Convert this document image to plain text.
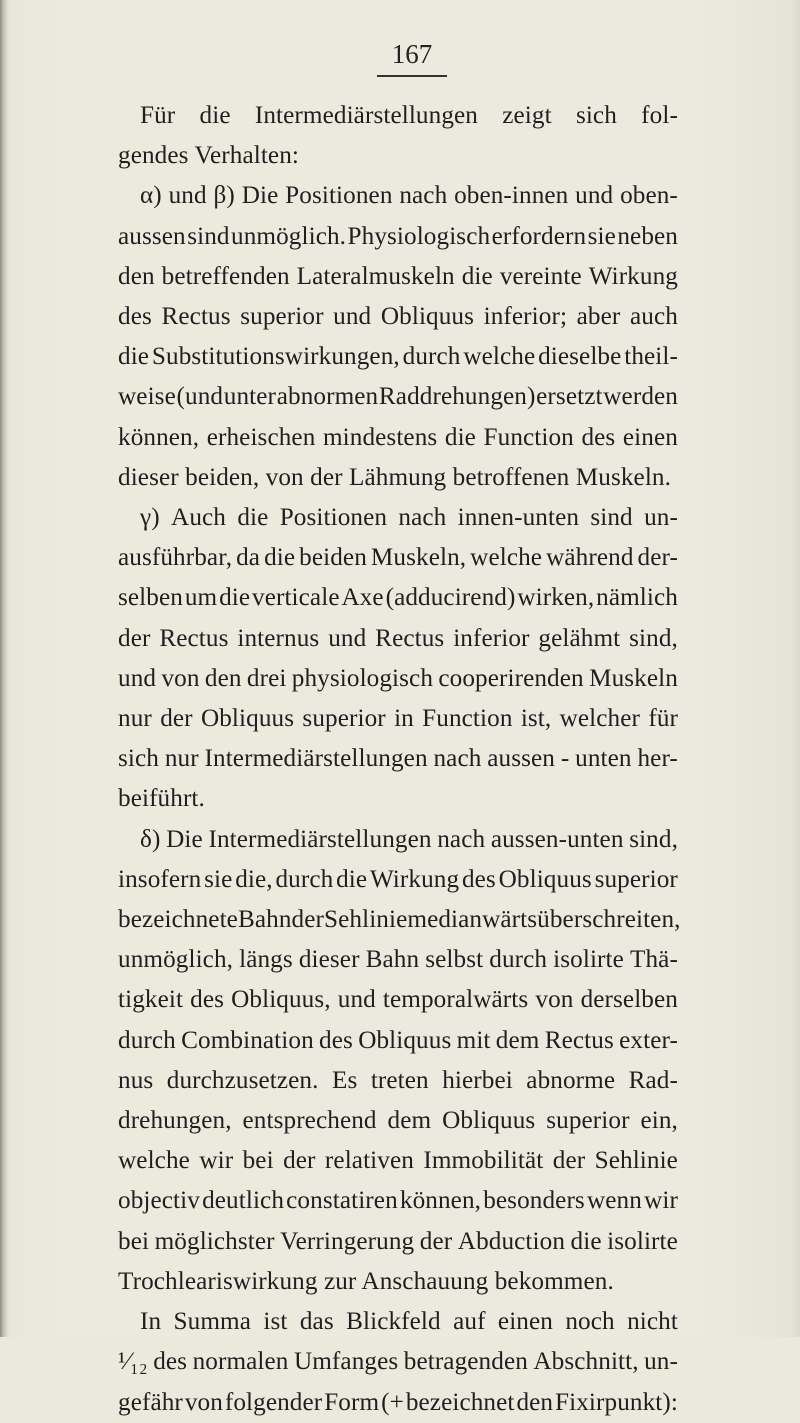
167
Für die Intermediärstellungen zeigt sich fol-
gendes Verhalten:
α) und β) Die Positionen nach oben-innen und oben-
aussen sind unmöglich. Physiologisch erfordern sie neben
den betreffenden Lateralmuskeln die vereinte Wirkung
des Rectus superior und Obliquus inferior; aber auch
die Substitutionswirkungen, durch welche dieselbe theil-
weise (und unter abnormen Raddrehungen) ersetzt werden
können, erheischen mindestens die Function des einen
dieser beiden, von der Lähmung betroffenen Muskeln.
γ) Auch die Positionen nach innen-unten sind un-
ausführbar, da die beiden Muskeln, welche während der-
selben um die verticale Axe (adducirend) wirken, nämlich
der Rectus internus und Rectus inferior gelähmt sind,
und von den drei physiologisch cooperirenden Muskeln
nur der Obliquus superior in Function ist, welcher für
sich nur Intermediärstellungen nach aussen - unten her-
beiführt.
δ) Die Intermediärstellungen nach aussen-unten sind,
insofern sie die, durch die Wirkung des Obliquus superior
bezeichnete Bahn der Sehlinie medianwärts überschreiten,
unmöglich, längs dieser Bahn selbst durch isolirte Thä-
tigkeit des Obliquus, und temporalwärts von derselben
durch Combination des Obliquus mit dem Rectus exter-
nus durchzusetzen. Es treten hierbei abnorme Rad-
drehungen, entsprechend dem Obliquus superior ein,
welche wir bei der relativen Immobilität der Sehlinie
objectiv deutlich constatiren können, besonders wenn wir
bei möglichster Verringerung der Abduction die isolirte
Trochleariswirkung zur Anschauung bekommen.
In Summa ist das Blickfeld auf einen noch nicht
¹⁄₁₂ des normalen Umfanges betragenden Abschnitt, un-
gefähr von folgender Form (+ bezeichnet den Fixirpunkt):
